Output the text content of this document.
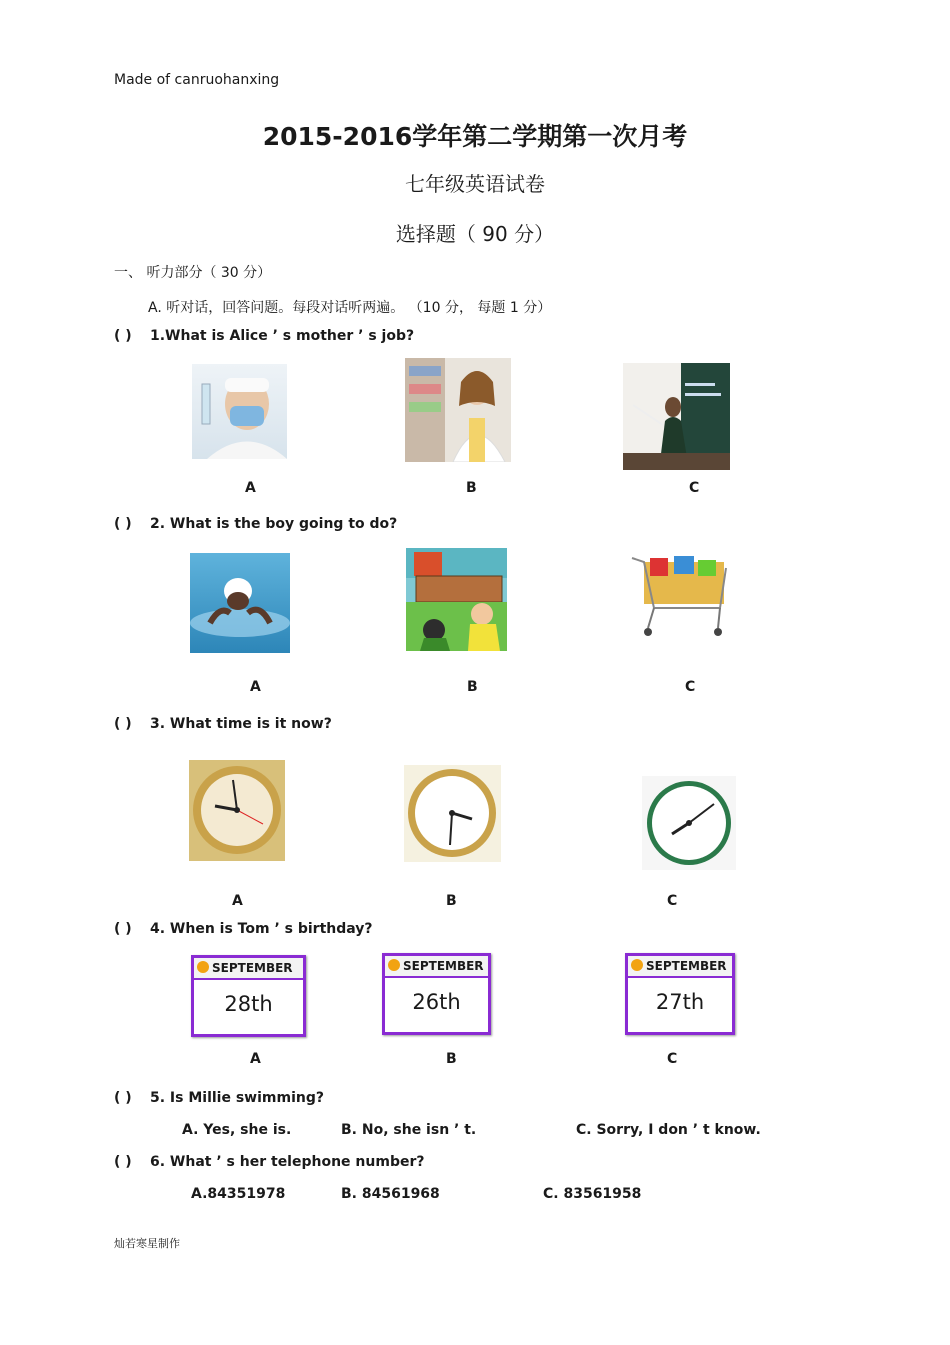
Made of canruohanxing
2015-2016学年第二学期第一次月考
七年级英语试卷
选择题（ 90 分）
一、 听力部分（ 30 分）
A. 听对话，回答问题。每段对话听两遍。 （10 分， 每题 1 分）
( ) 1.What is Alice ’ s mother ’ s job?
A	B	C
( ) 2. What is the boy going to do?
A	B	C
( ) 3. What time is it now?
A	B	C
( ) 4. When is Tom ’ s birthday?
SEPTEMBER
28th
SEPTEMBER
26th
SEPTEMBER
27th
A	B	C
( ) 5. Is Millie swimming?
A. Yes, she is.	B. No, she isn ’ t.	C. Sorry, I don ’ t know.
( ) 6. What ’ s her telephone number?
A.84351978	B. 84561968	C. 83561958
灿若寒星制作
